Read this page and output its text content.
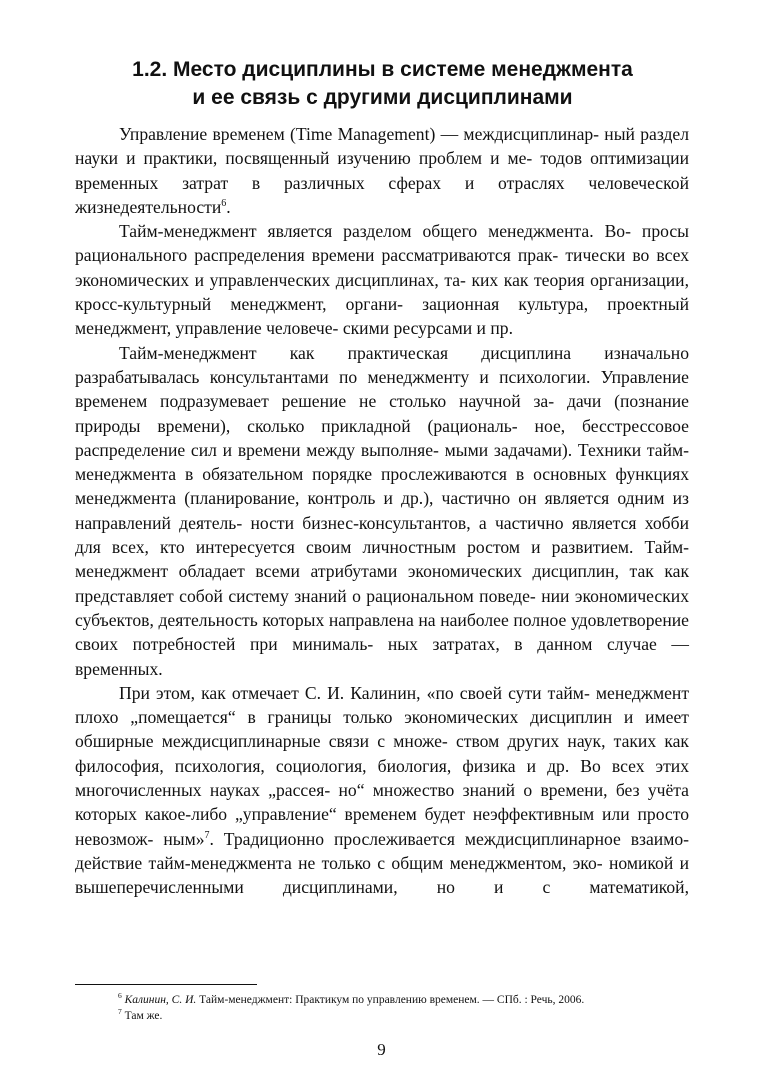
1.2. Место дисциплины в системе менеджмента
и ее связь с другими дисциплинами

Управление временем (Time Management) — междисциплинар- ный раздел науки и практики, посвященный изучению проблем и ме- тодов оптимизации временных затрат в различных сферах и отраслях человеческой жизнедеятельности$^6$.

Тайм-менеджмент является разделом общего менеджмента. Во- просы рационального распределения времени рассматриваются прак- тически во всех экономических и управленческих дисциплинах, та- ких как теория организации, кросс-культурный менеджмент, органи- зационная культура, проектный менеджмент, управление человече- скими ресурсами и пр.

Тайм-менеджмент как практическая дисциплина изначально разрабатывалась консультантами по менеджменту и психологии. Управление временем подразумевает решение не столько научной за- дачи (познание природы времени), сколько прикладной (рациональ- ное, бесстрессовое распределение сил и времени между выполняе- мыми задачами). Техники тайм-менеджмента в обязательном порядке прослеживаются в основных функциях менеджмента (планирование, контроль и др.), частично он является одним из направлений деятель- ности бизнес-консультантов, а частично является хобби для всех, кто интересуется своим личностным ростом и развитием. Тайм- менеджмент обладает всеми атрибутами экономических дисциплин, так как представляет собой систему знаний о рациональном поведе- нии экономических субъектов, деятельность которых направлена на наиболее полное удовлетворение своих потребностей при минималь- ных затратах, в данном случае — временных.

При этом, как отмечает С. И. Калинин, «по своей сути тайм- менеджмент плохо „помещается“ в границы только экономических дисциплин и имеет обширные междисциплинарные связи с множе- ством других наук, таких как философия, психология, социология, биология, физика и др. Во всех этих многочисленных науках „рассея- но“ множество знаний о времени, без учёта которых какое-либо „управление“ временем будет неэффективным или просто невозмож- ным»$^7$. Традиционно прослеживается междисциплинарное взаимо- действие тайм-менеджмента не только с общим менеджментом, эко- номикой и вышеперечисленными дисциплинами, но и с математикой,

$^6$ Калинин, С. И. Тайм-менеджмент: Практикум по управлению временем. — СПб. : Речь, 2006.
$^7$ Там же.
9
